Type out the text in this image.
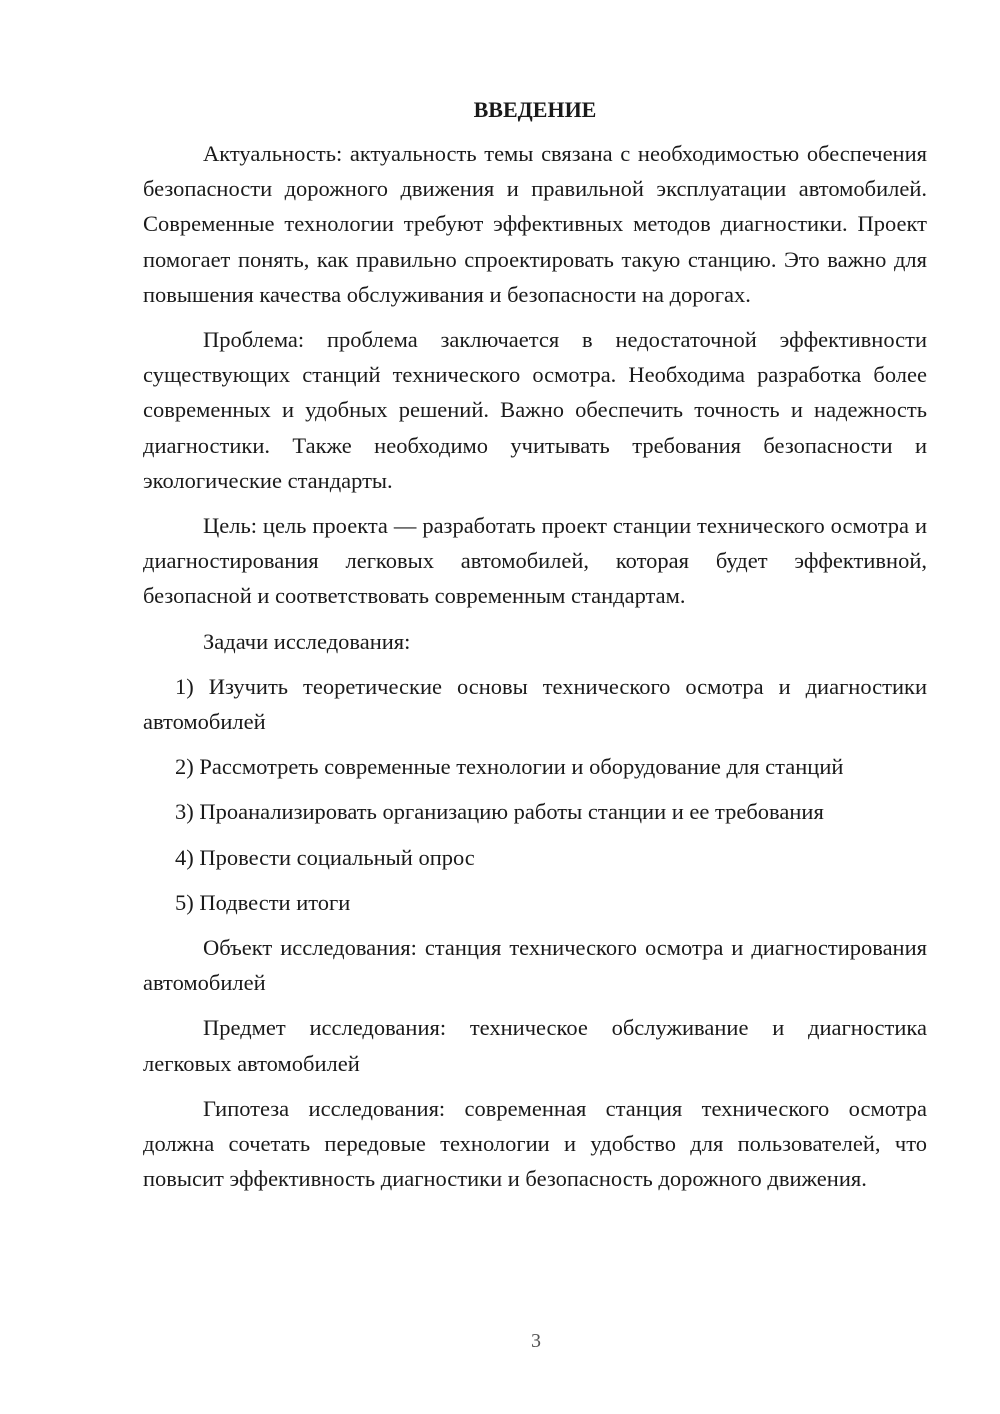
ВВЕДЕНИЕ

Актуальность: актуальность темы связана с необходимостью обеспечения безопасности дорожного движения и правильной эксплуатации автомобилей. Современные технологии требуют эффективных методов диагностики. Проект помогает понять, как правильно спроектировать такую станцию. Это важно для повышения качества обслуживания и безопасности на дорогах.

Проблема: проблема заключается в недостаточной эффективности существующих станций технического осмотра. Необходима разработка более современных и удобных решений. Важно обеспечить точность и надежность диагностики. Также необходимо учитывать требования безопасности и экологические стандарты.

Цель: цель проекта — разработать проект станции технического осмотра и диагностирования легковых автомобилей, которая будет эффективной, безопасной и соответствовать современным стандартам.

Задачи исследования:

1) Изучить теоретические основы технического осмотра и диагностики автомобилей

2) Рассмотреть современные технологии и оборудование для станций

3) Проанализировать организацию работы станции и ее требования

4) Провести социальный опрос

5) Подвести итоги

Объект исследования: станция технического осмотра и диагностирования автомобилей

Предмет исследования: техническое обслуживание и диагностика легковых автомобилей

Гипотеза исследования: современная станция технического осмотра должна сочетать передовые технологии и удобство для пользователей, что повысит эффективность диагностики и безопасность дорожного движения.

3
